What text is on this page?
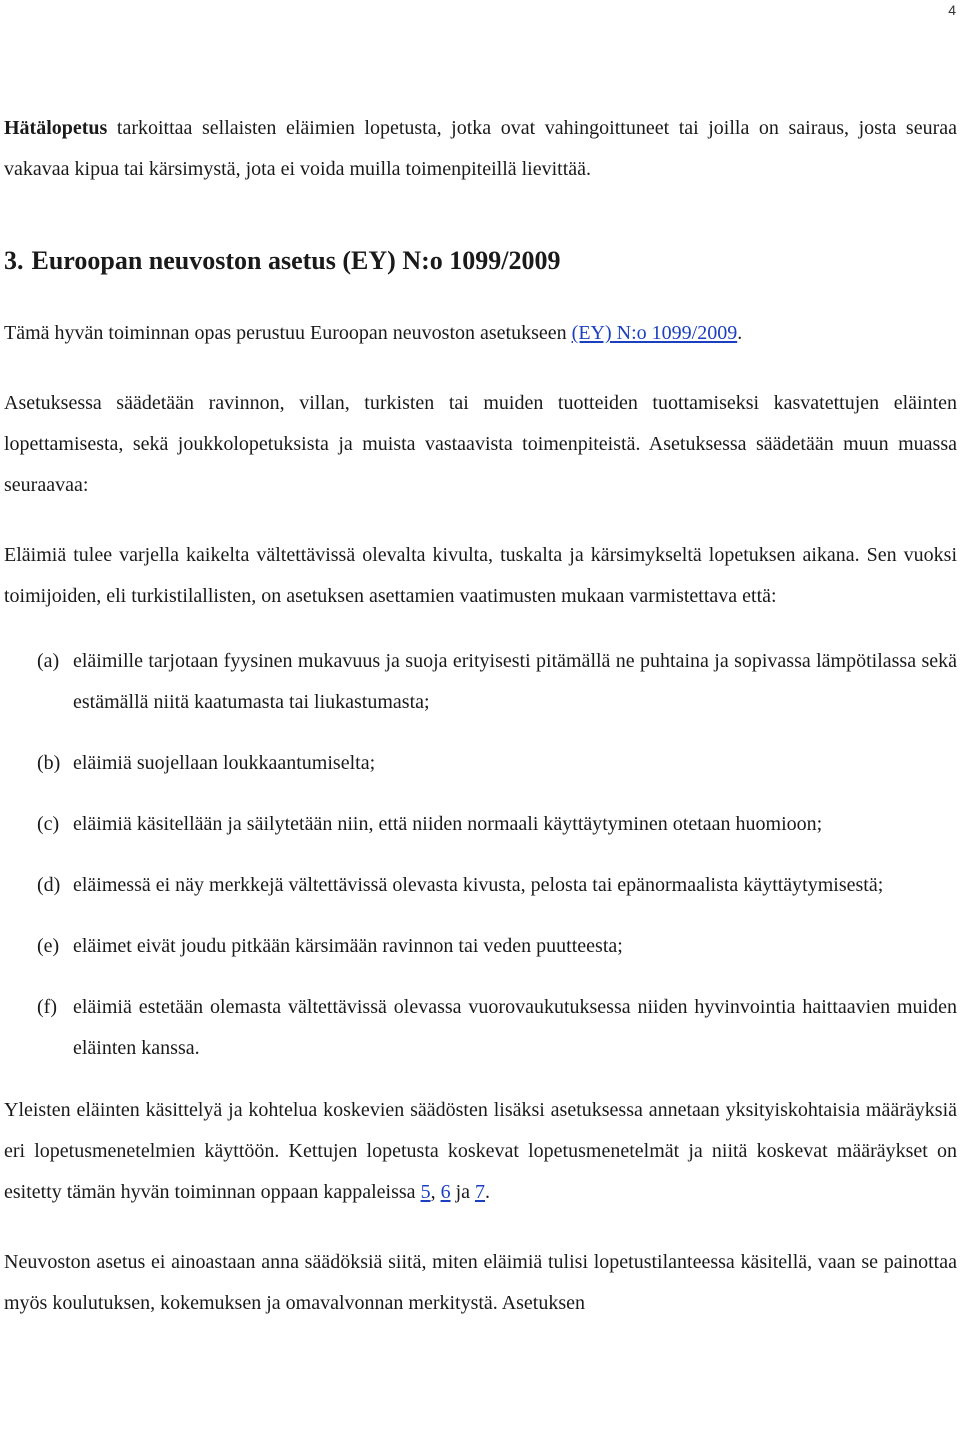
4

Hätälopetus tarkoittaa sellaisten eläimien lopetusta, jotka ovat vahingoittuneet tai joilla on sairaus, josta seuraa vakavaa kipua tai kärsimystä, jota ei voida muilla toimenpiteillä lievittää.

3. Euroopan neuvoston asetus (EY) N:o 1099/2009

Tämä hyvän toiminnan opas perustuu Euroopan neuvoston asetukseen (EY) N:o 1099/2009.

Asetuksessa säädetään ravinnon, villan, turkisten tai muiden tuotteiden tuottamiseksi kasvatettujen eläinten lopettamisesta, sekä joukkolopetuksista ja muista vastaavista toimenpiteistä. Asetuksessa säädetään muun muassa seuraavaa:

Eläimiä tulee varjella kaikelta vältettävissä olevalta kivulta, tuskalta ja kärsimykseltä lopetuksen aikana. Sen vuoksi toimijoiden, eli turkistilallisten, on asetuksen asettamien vaatimusten mukaan varmistettava että:

(a) eläimille tarjotaan fyysinen mukavuus ja suoja erityisesti pitämällä ne puhtaina ja sopivassa lämpötilassa sekä estämällä niitä kaatumasta tai liukastumasta;
(b) eläimiä suojellaan loukkaantumiselta;
(c) eläimiä käsitellään ja säilytetään niin, että niiden normaali käyttäytyminen otetaan huomioon;
(d) eläimessä ei näy merkkejä vältettävissä olevasta kivusta, pelosta tai epänormaalista käyttäytymisestä;
(e) eläimet eivät joudu pitkään kärsimään ravinnon tai veden puutteesta;
(f) eläimiä estetään olemasta vältettävissä olevassa vuorovaukutuksessa niiden hyvinvointia haittaavien muiden eläinten kanssa.

Yleisten eläinten käsittelyä ja kohtelua koskevien säädösten lisäksi asetuksessa annetaan yksityiskohtaisia määräyksiä eri lopetusmenetelmien käyttöön. Kettujen lopetusta koskevat lopetusmenetelmät ja niitä koskevat määräykset on esitetty tämän hyvän toiminnan oppaan kappaleissa 5, 6 ja 7.

Neuvoston asetus ei ainoastaan anna säädöksiä siitä, miten eläimiä tulisi lopetustilanteessa käsitellä, vaan se painottaa myös koulutuksen, kokemuksen ja omavalvonnan merkitystä. Asetuksen
